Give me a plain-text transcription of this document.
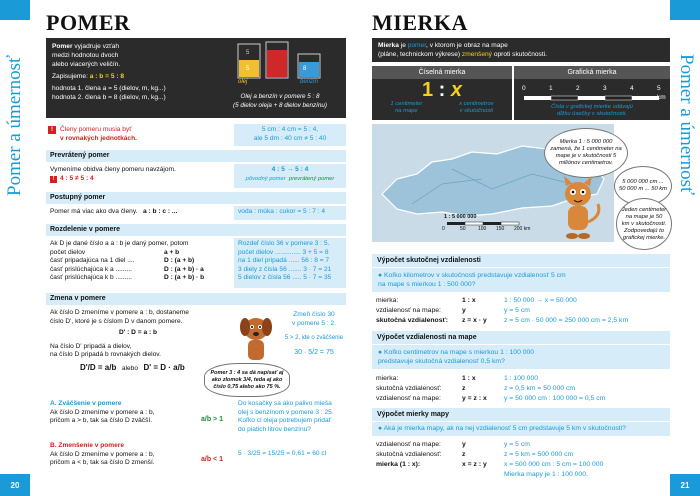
Pomer a úmernosť
20
Pomer a úmernosť
21
POMER
Pomer vyjadruje vzťah
medzi hodnotou dvoch
alebo viacerých veličín.
Zapisujeme: a : b = 5 : 8
hodnota 1. člena a = 5 (dielov, m, kg...)
hodnota 2. člena b = 8 (dielov, m, kg...)
5
5	8
olej	benzín
Olej a benzín v pomere 5 : 8
(5 dielov oleja + 8 dielov benzínu)
!	Členy pomeru musia byť
v rovnakých jednotkách.
5 cm : 4 cm = 5 : 4,
ale 5 dm : 40 cm ≠ 5 : 40
Prevrátený pomer
Vymeníme obidva členy pomeru navzájom.
! 4 : 5 ≠ 5 : 4
4 : 5 → 5 : 4
pôvodný pomer prevrátený pomer
Postupný pomer
Pomer má viac ako dva členy. a : b : c : ...	voda : múka : cukor = 5 : 7 : 4
Rozdelenie v pomere
Ak D je dané číslo a a : b je daný pomer, potom
počet dielov	a + b
časť pripadajúca na 1 diel ....	D : (a + b)
časť prislúchajúca k a .........	D : (a + b) · a
časť prislúchajúca k b .........	D : (a + b) · b
Rozdeľ číslo 36 v pomere 3 : 5.
počet dielov .............. 3 + 5 = 8
na 1 diel pripadá ...... 56 : 8 = 7
3 diely z čísla 56 ....... 3 · 7 = 21
5 dielov z čísla 56 ..... 5 · 7 = 35
Zmena v pomere
Ak číslo D zmeníme v pomere a : b, dostaneme
číslo D', ktoré je s číslom D v danom pomere.
D' : D = a : b
Na číslo D' pripadá a dielov,
na číslo D pripadá b rovnakých dielov.
D'/D = a/b alebo D' = D · a/b
Pomer 3 : 4 sa dá napísať aj ako zlomok 3/4, teda aj ako číslo 0,75 alebo ako 75 %.
Zmeň číslo 30
v pomere 5 : 2.
5 > 2, ide o zväčšenie
30 · 5/2 = 75
A. Zväčšenie v pomere
Ak číslo D zmeníme v pomere a : b,
pričom a > b, tak sa číslo D zväčší.	a/b > 1
Do kosačky sa ako palivo mieša
olej s benzínom v pomere 3 : 25.
Koľko cl oleja potrebujem pridať
do piatich litrov benzínu?
B. Zmenšenie v pomere
Ak číslo D zmeníme v pomere a : b,
pričom a < b, tak sa číslo D zmenší.	a/b < 1
5 · 3/25 = 15/25 = 0,61 = 60 cl
MIERKA
Mierka je pomer, v ktorom je obraz na mape
(pláne, technickom výkrese) zmenšený oproti skutočnosti.
Číselná mierka
1 : x
1 centimeter
na mape
x centimetrov
v skutočnosti
Grafická mierka
0	1	2	3	4	5 km
Čísla v grafickej mierke udávajú
dĺžku úsečky v skutočnosti.
1 : 5 000 000
0	50 100 150 200 km
Mierka 1 : 5 000 000 zamená, že 1 centimeter na mape je v skutočnosti 5 miliónov centimetrov.
5 000 000 cm ... 50 000 m ... 50 km
Jeden centimeter na mape je 50 km v skutočnosti. Zodpovedajú to grafickej mierke.
Výpočet skutočnej vzdialenosti
● Koľko kilometrov v skutočnosti predstavuje vzdialenosť 5 cm
na mape s mierkou 1 : 500 000?
mierka:	1 : x	1 : 50 000 → x = 50 000
vzdialenosť na mape:	y	y = 5 cm
skutočná vzdialenosť: z = x · y	z = 5 cm · 50 000 = 250 000 cm = 2,5 km
Výpočet vzdialenosti na mape
● Koľko centimetrov na mape s mierkou 1 : 100 000
predstavuje skutočná vzdialenosť 0,5 km?
mierka:	1 : x	1 : 100 000
skutočná vzdialenosť:	z	z = 0,5 km = 50 000 cm
vzdialenosť na mape:	y = z : x	y = 50 000 cm : 100 000 = 0,5 cm
Výpočet mierky mapy
● Aká je mierka mapy, ak na nej vzdialenosť 5 cm predstavuje 5 km v skutočnosti?
vzdialenosť na mape:	y	y = 5 cm
skutočná vzdialenosť:	z	z = 5 km = 500 000 cm
mierka (1 : x):	x = z : y	x = 500 000 cm : 5 cm = 100 000
Mierka mapy je 1 : 100 000.
